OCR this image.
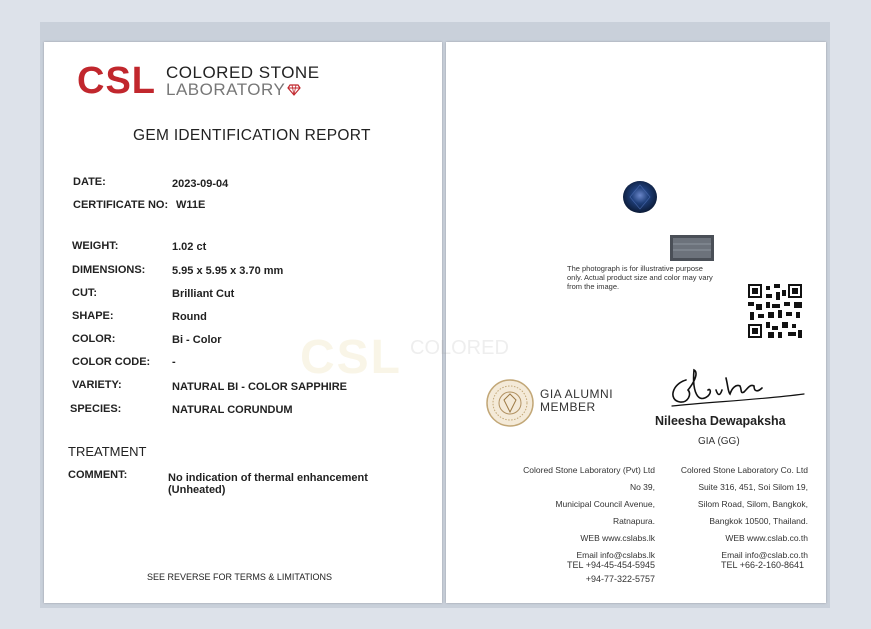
CSL COLORED STONE
LABORATORY
GEM IDENTIFICATION REPORT
CSL COLORED
DATE:	2023-09-04
CERTIFICATE NO: W11E
WEIGHT:	1.02 ct
DIMENSIONS: 5.95 x 5.95 x 3.70 mm
CUT:	Brilliant Cut
SHAPE:	Round
COLOR:	Bi - Color
COLOR CODE: -
VARIETY:	NATURAL BI - COLOR SAPPHIRE
SPECIES:	NATURAL CORUNDUM
TREATMENT
COMMENT:	No indication of thermal enhancement (Unheated)
SEE REVERSE FOR TERMS & LIMITATIONS
The photograph is for illustrative purpose only. Actual product size and color may vary from the image.
GIA ALUMNI
MEMBER
Nileesha Dewapaksha
GIA (GG)
Colored Stone Laboratory (Pvt) Ltd
No 39,
Municipal Council Avenue,
Ratnapura.
WEB www.cslabs.lk
Email info@cslabs.lk
Colored Stone Laboratory Co. Ltd
Suite 316, 451, Soi Silom 19,
Silom Road, Silom, Bangkok,
Bangkok 10500, Thailand.
WEB www.cslab.co.th
Email info@cslab.co.th
TEL +94-45-454-5945
+94-77-322-5757
TEL +66-2-160-8641
